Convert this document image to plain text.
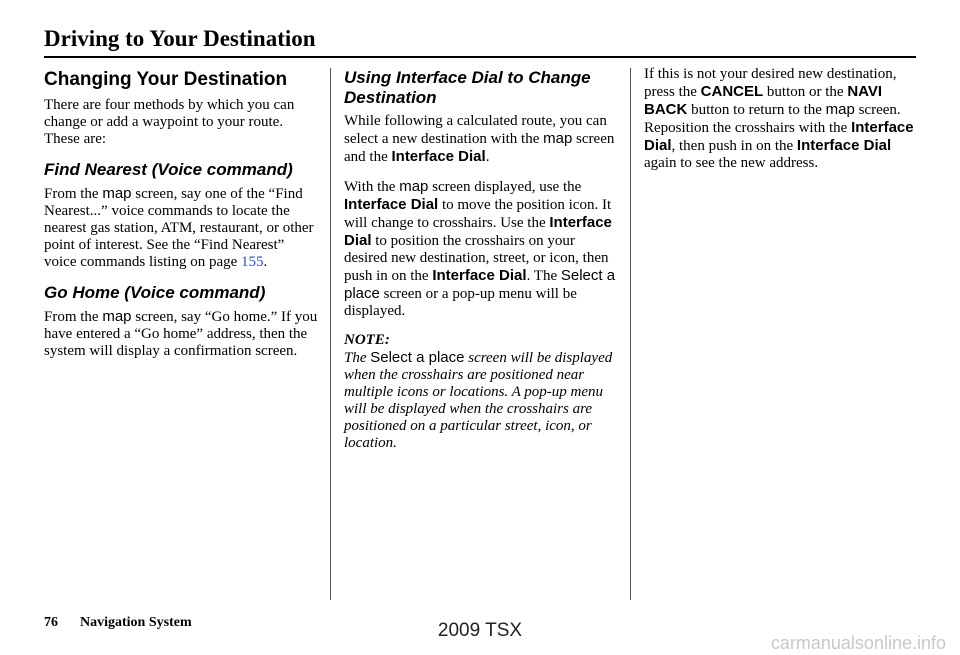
Driving to Your Destination
Changing Your Destination

There are four methods by which you can change or add a waypoint to your route. These are:

Find Nearest (Voice command)

From the map screen, say one of the “Find Nearest...” voice commands to locate the nearest gas station, ATM, restaurant, or other point of interest. See the “Find Nearest” voice commands listing on page 155.

Go Home (Voice command)

From the map screen, say “Go home.” If you have entered a “Go home” address, then the system will display a confirmation screen.

Using Interface Dial to Change Destination

While following a calculated route, you can select a new destination with the map screen and the Interface Dial.

With the map screen displayed, use the Interface Dial to move the position icon. It will change to crosshairs. Use the Interface Dial to position the crosshairs on your desired new destination, street, or icon, then push in on the Interface Dial. The Select a place screen or a pop-up menu will be displayed.

NOTE:

The Select a place screen will be displayed when the crosshairs are positioned near multiple icons or locations. A pop-up menu will be displayed when the crosshairs are positioned on a particular street, icon, or location.

If this is not your desired new destination, press the CANCEL button or the NAVI BACK button to return to the map screen. Reposition the crosshairs with the Interface Dial, then push in on the Interface Dial again to see the new address.

76 Navigation System	2009 TSX
carmanualsonline.info
